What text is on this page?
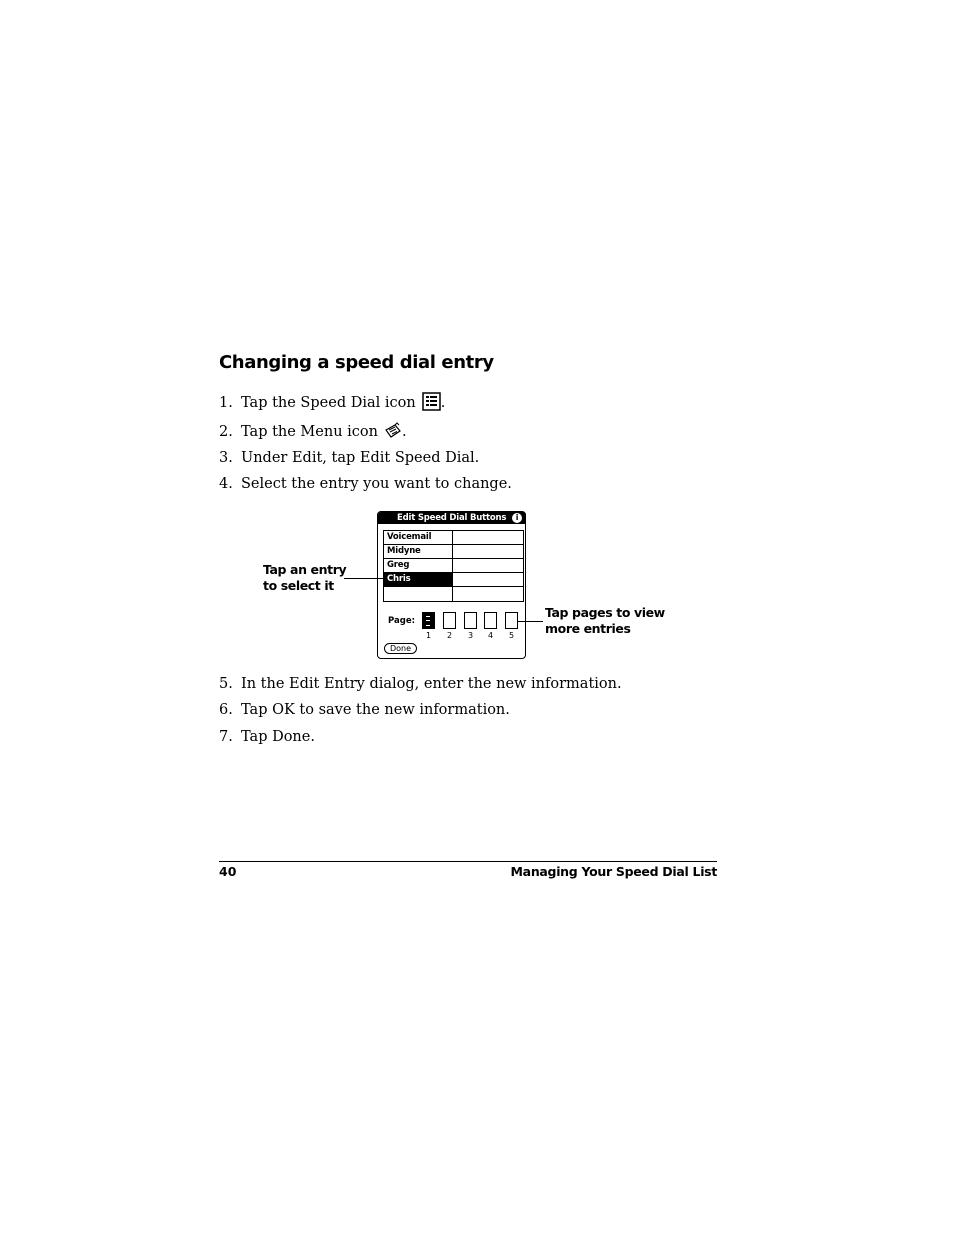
Changing a speed dial entry
1. Tap the Speed Dial icon .
2. Tap the Menu icon .
3. Under Edit, tap Edit Speed Dial.
4. Select the entry you want to change.
Edit Speed Dial Buttons	i
Voicemail
Midyne
Greg
Chris
Page:
1	2	3	4	5
Done
Tap an entry
to select it
Tap pages to view
more entries
5. In the Edit Entry dialog, enter the new information.
6. Tap OK to save the new information.
7. Tap Done.
40	Managing Your Speed Dial List
